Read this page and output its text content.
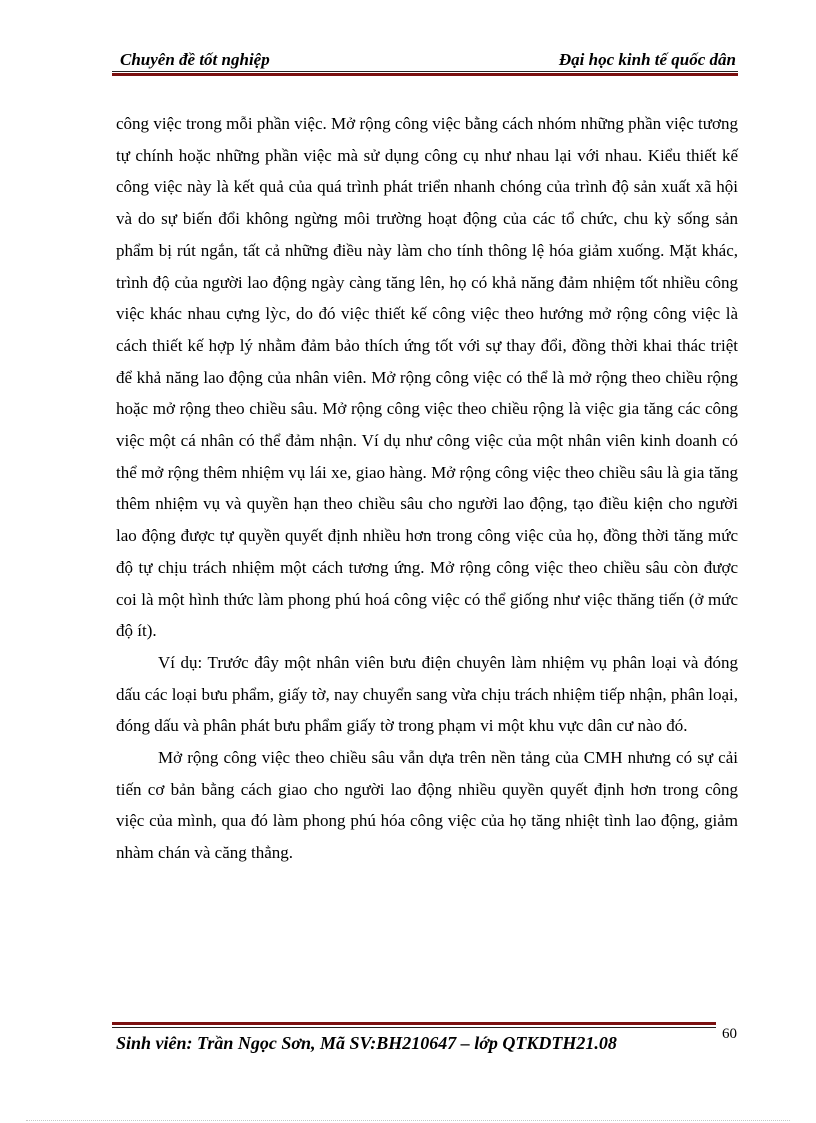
Chuyên đề tốt nghiệp	Đại học kinh tế quốc dân

công việc trong mỗi phần việc. Mở rộng công việc bằng cách nhóm những phần việc tương tự chính hoặc những phần việc mà sử dụng công cụ như nhau lại với nhau. Kiểu thiết kế công việc này là kết quả của quá trình phát triển nhanh chóng của trình độ sản xuất xã hội và do sự biến đổi không ngừng môi trường hoạt động của các tổ chức, chu kỳ sống sản phẩm bị rút ngắn, tất cả những điều này làm cho tính thông lệ hóa giảm xuống. Mặt khác, trình độ của người lao động ngày càng tăng lên, họ có khả năng đảm nhiệm tốt nhiều công việc khác nhau cựng lỳc, do đó việc thiết kế công việc theo hướng mở rộng công việc là cách thiết kế hợp lý nhằm đảm bảo thích ứng tốt với sự thay đổi, đồng thời khai thác triệt để khả năng lao động của nhân viên. Mở rộng công việc có thể là mở rộng theo chiều rộng hoặc mở rộng theo chiều sâu. Mở rộng công việc theo chiều rộng là việc gia tăng các công việc một cá nhân có thể đảm nhận. Ví dụ như công việc của một nhân viên kinh doanh có thể mở rộng thêm nhiệm vụ lái xe, giao hàng. Mở rộng công việc theo chiều sâu là gia tăng thêm nhiệm vụ và quyền hạn theo chiều sâu cho người lao động, tạo điều kiện cho người lao động được tự quyền quyết định nhiều hơn trong công việc của họ, đồng thời tăng mức độ tự chịu trách nhiệm một cách tương ứng. Mở rộng công việc theo chiều sâu còn được coi là một hình thức làm phong phú hoá công việc có thể giống như việc thăng tiến (ở mức độ ít).

Ví dụ: Trước đây một nhân viên bưu điện chuyên làm nhiệm vụ phân loại và đóng dấu các loại bưu phẩm, giấy tờ, nay chuyển sang vừa chịu trách nhiệm tiếp nhận, phân loại, đóng dấu và phân phát bưu phẩm giấy tờ trong phạm vi một khu vực dân cư nào đó.

Mở rộng công việc theo chiều sâu vẫn dựa trên nền tảng của CMH nhưng có sự cải tiến cơ bản bằng cách giao cho người lao động nhiều quyền quyết định hơn trong công việc của mình, qua đó làm phong phú hóa công việc của họ tăng nhiệt tình lao động, giảm nhàm chán và căng thẳng.

60
Sinh viên: Trần Ngọc Sơn, Mã SV:BH210647 – lớp QTKDTH21.08
